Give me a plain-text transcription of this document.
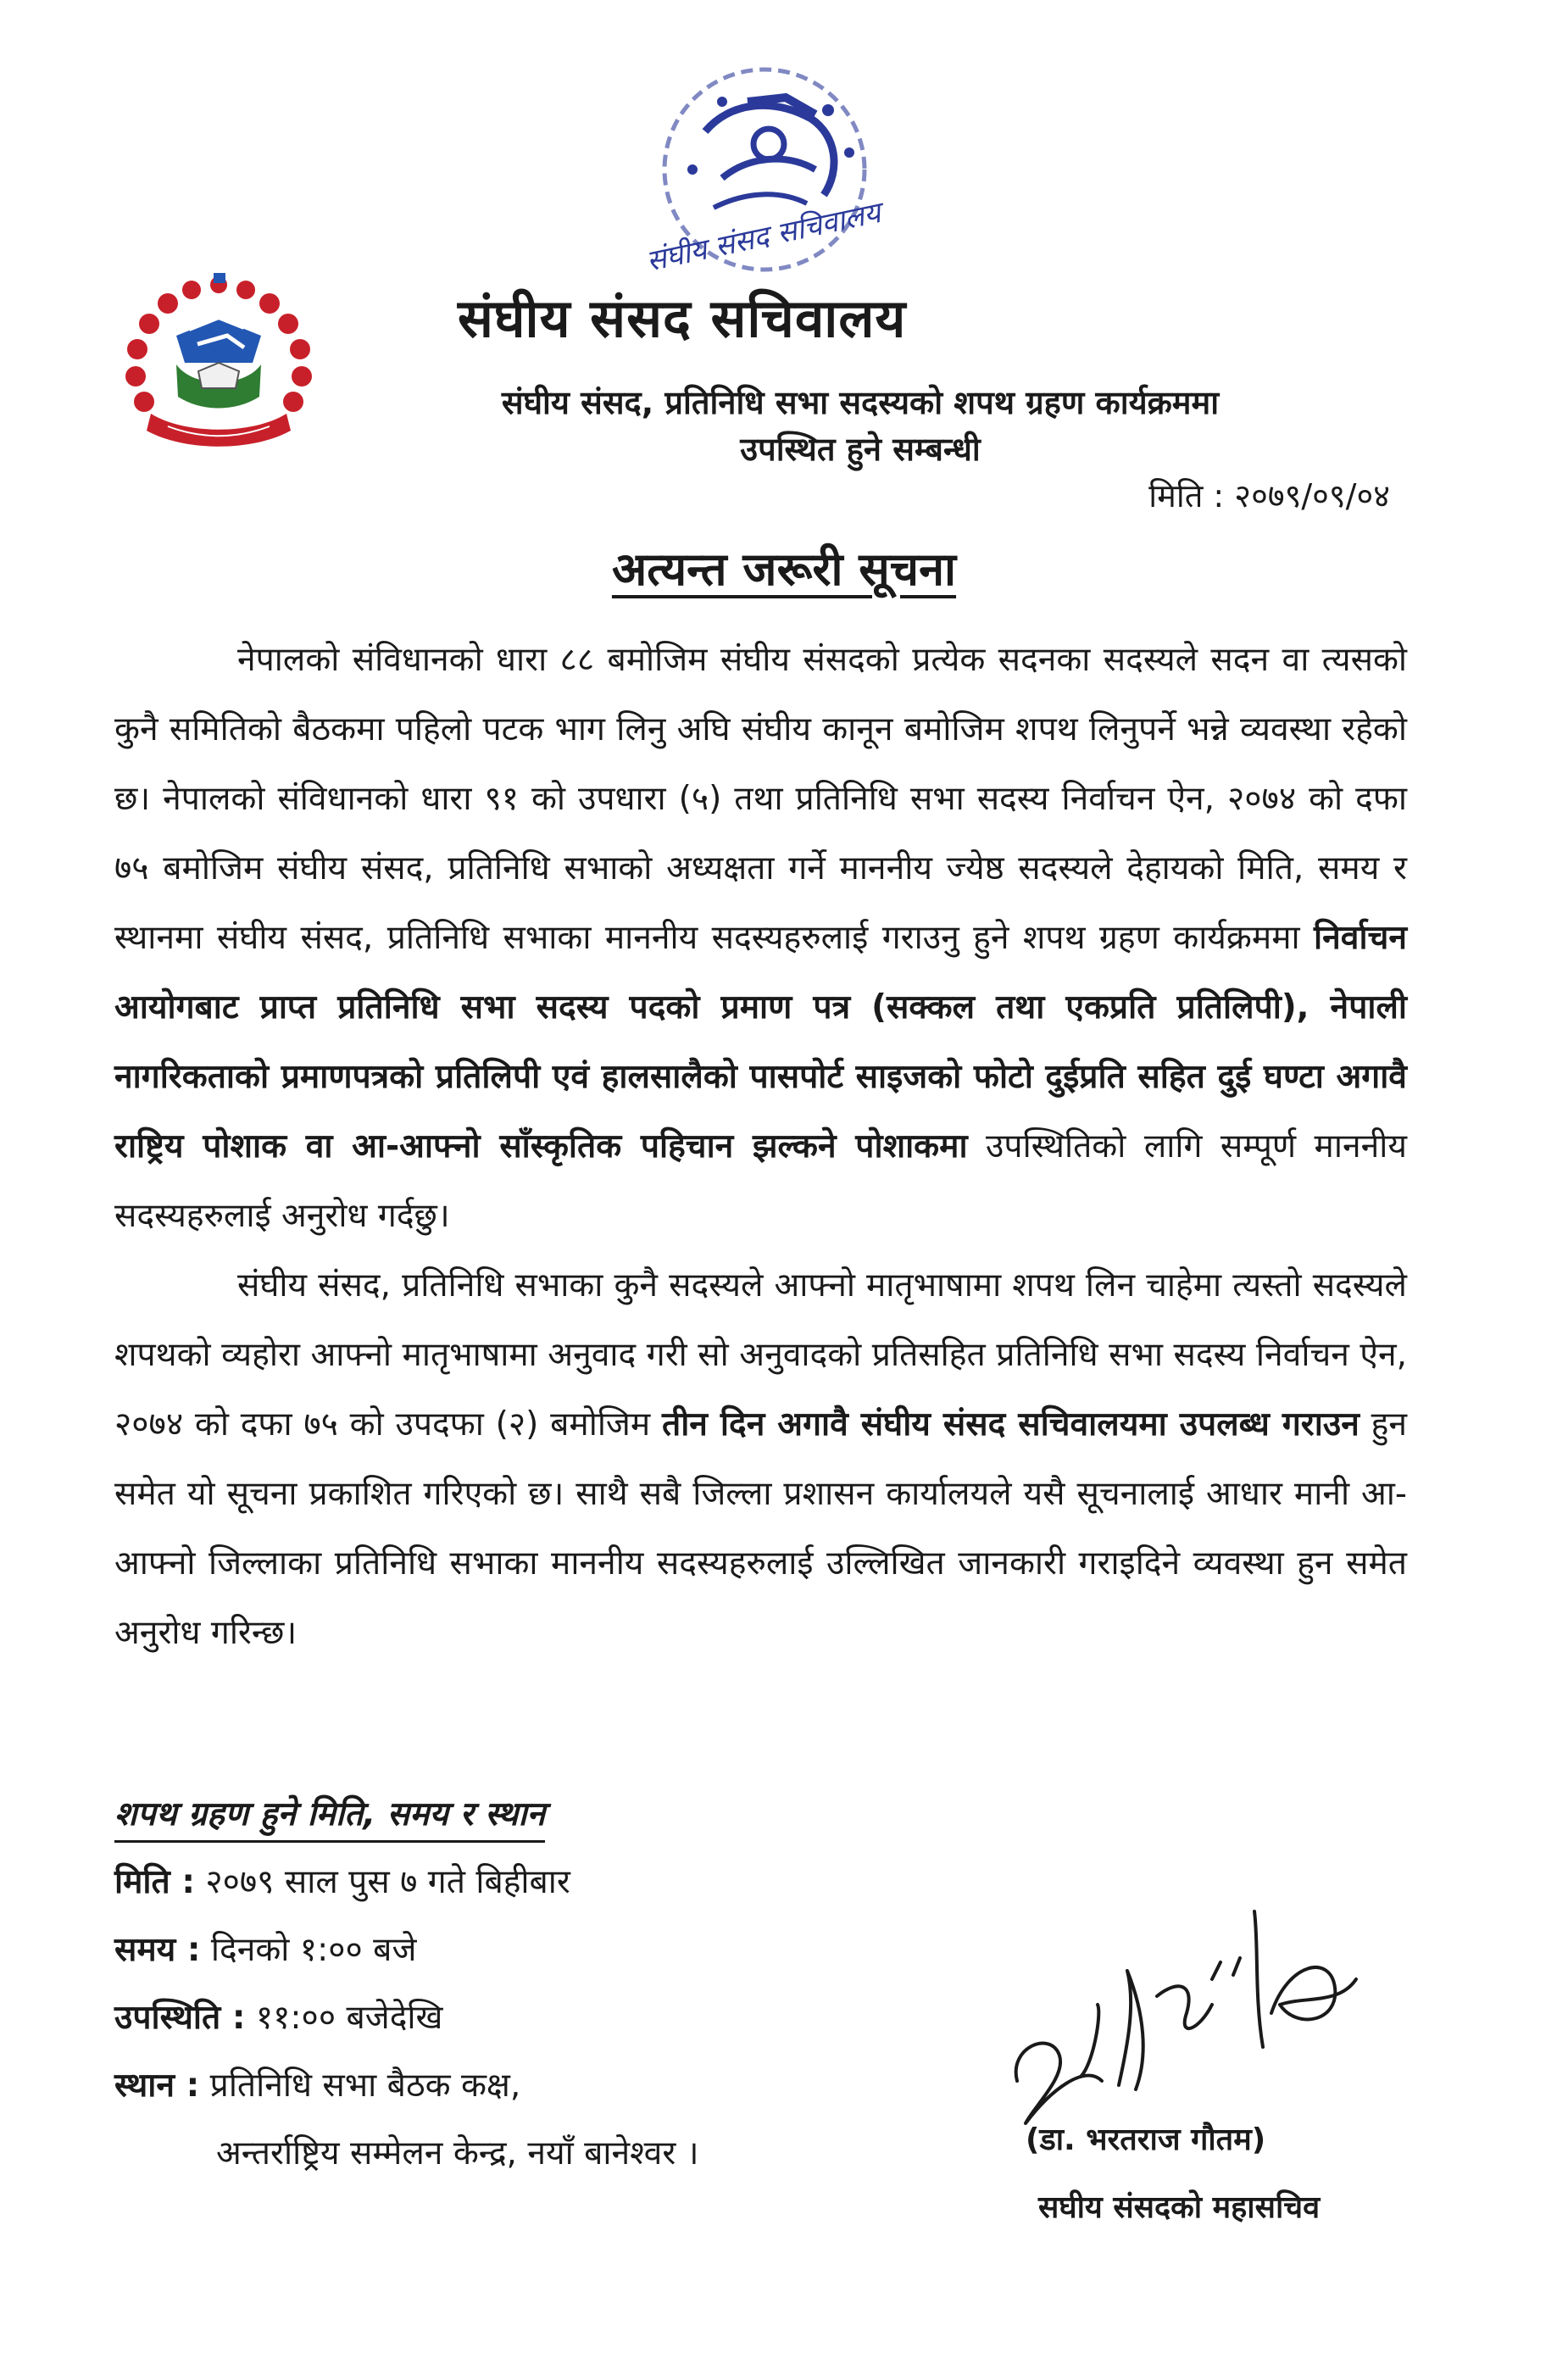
संघीय संसद सचिवालय
संघीय संसद सचिवालय
संघीय संसद, प्रतिनिधि सभा सदस्यको शपथ ग्रहण कार्यक्रममा
उपस्थित हुने सम्बन्धी
मिति : २०७९/०९/०४
अत्यन्त जरूरी सूचना

नेपालको संविधानको धारा ८८ बमोजिम संघीय संसदको प्रत्येक सदनका सदस्यले सदन वा त्यसको कुनै समितिको बैठकमा पहिलो पटक भाग लिनु अघि संघीय कानून बमोजिम शपथ लिनुपर्ने भन्ने व्यवस्था रहेको छ। नेपालको संविधानको धारा ९१ को उपधारा (५) तथा प्रतिनिधि सभा सदस्य निर्वाचन ऐन, २०७४ को दफा ७५ बमोजिम संघीय संसद, प्रतिनिधि सभाको अध्यक्षता गर्ने माननीय ज्येष्ठ सदस्यले देहायको मिति, समय र स्थानमा संघीय संसद, प्रतिनिधि सभाका माननीय सदस्यहरुलाई गराउनु हुने शपथ ग्रहण कार्यक्रममा निर्वाचन आयोगबाट प्राप्त प्रतिनिधि सभा सदस्य पदको प्रमाण पत्र (सक्कल तथा एकप्रति प्रतिलिपी), नेपाली नागरिकताको प्रमाणपत्रको प्रतिलिपी एवं हालसालैको पासपोर्ट साइजको फोटो दुईप्रति सहित दुई घण्टा अगावै राष्ट्रिय पोशाक वा आ-आफ्नो साँस्कृतिक पहिचान झल्कने पोशाकमा उपस्थितिको लागि सम्पूर्ण माननीय सदस्यहरुलाई अनुरोध गर्दछु।

संघीय संसद, प्रतिनिधि सभाका कुनै सदस्यले आफ्नो मातृभाषामा शपथ लिन चाहेमा त्यस्तो सदस्यले शपथको व्यहोरा आफ्नो मातृभाषामा अनुवाद गरी सो अनुवादको प्रतिसहित प्रतिनिधि सभा सदस्य निर्वाचन ऐन, २०७४ को दफा ७५ को उपदफा (२) बमोजिम तीन दिन अगावै संघीय संसद सचिवालयमा उपलब्ध गराउन हुन समेत यो सूचना प्रकाशित गरिएको छ। साथै सबै जिल्ला प्रशासन कार्यालयले यसै सूचनालाई आधार मानी आ-आफ्नो जिल्लाका प्रतिनिधि सभाका माननीय सदस्यहरुलाई उल्लिखित जानकारी गराइदिने व्यवस्था हुन समेत अनुरोध गरिन्छ।

शपथ ग्रहण हुने मिति, समय र स्थान
मिति : २०७९ साल पुस ७ गते बिहीबार
समय : दिनको १:०० बजे
उपस्थिति : ११:०० बजेदेखि
स्थान : प्रतिनिधि सभा बैठक कक्ष,
अन्तर्राष्ट्रिय सम्मेलन केन्द्र, नयाँ बानेश्वर ।	(डा. भरतराज गौतम)
सघीय संसदको महासचिव
